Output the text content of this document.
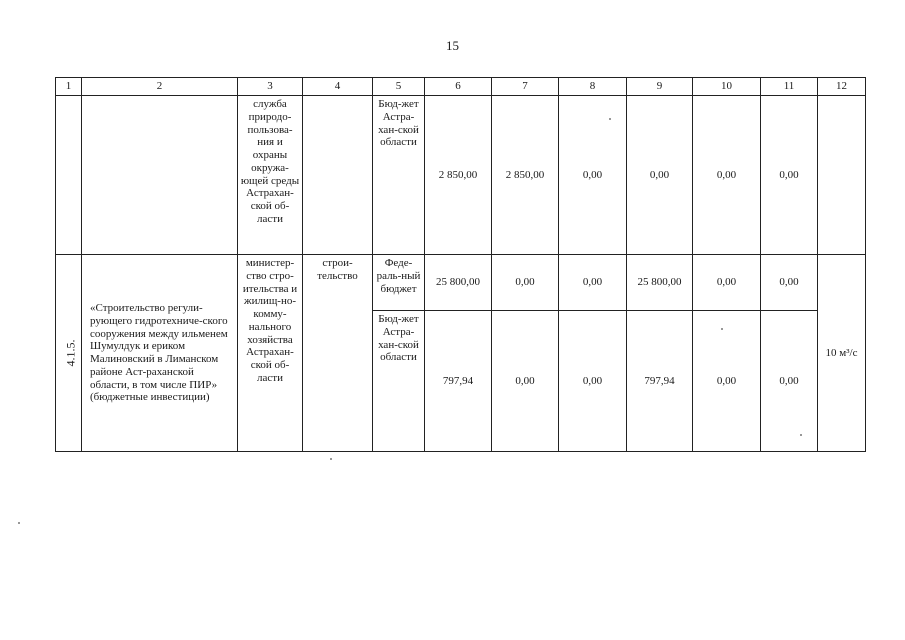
15
1	2	3	4	5	6	7	8	9	10	11	12
		служба природо-пользова-ния и охраны окружа-ющей среды Астрахан-ской об-ласти		Бюд-жет Астра-хан-ской области	2 850,00	2 850,00	0,00	0,00	0,00	0,00	
4.1.5.	«Строительство регули-рующего гидротехниче-ского сооружения между ильменем Шумулдук и ериком Малиновский в Лиманском районе Аст-раханской области, в том числе ПИР» (бюджетные инвестиции)	министер-ство стро-ительства и жилищ-но-комму-нального хозяйства Астрахан-ской об-ласти	строи-тельство	Феде-раль-ный бюджет	25 800,00	0,00	0,00	25 800,00	0,00	0,00	10 м³/с
				Бюд-жет Астра-хан-ской области	797,94	0,00	0,00	797,94	0,00	0,00	
